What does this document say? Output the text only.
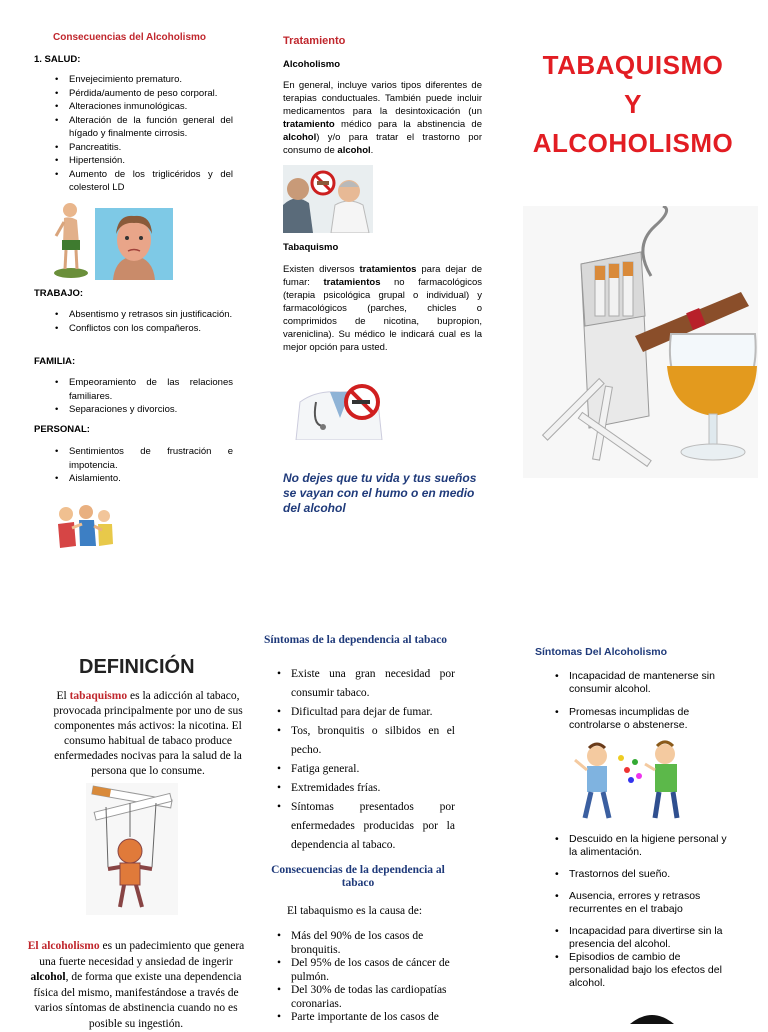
Consecuencias del Alcoholismo
1. SALUD:
• Envejecimiento prematuro.
• Pérdida/aumento de peso corporal.
• Alteraciones inmunológicas.
• Alteración de la función general del hígado y finalmente cirrosis.
• Pancreatitis.
• Hipertensión.
• Aumento de los triglicéridos y del colesterol LD
TRABAJO:
• Absentismo y retrasos sin justificación.
• Conflictos con los compañeros.
FAMILIA:
• Empeoramiento de las relaciones familiares.
• Separaciones y divorcios.
PERSONAL:
• Sentimientos de frustración e impotencia.
• Aislamiento.
Tratamiento
Alcoholismo
En general, incluye varios tipos diferentes de terapias conductuales. También puede incluir medicamentos para la desintoxicación (un tratamiento médico para la abstinencia de alcohol) y/o para tratar el trastorno por consumo de alcohol.
Tabaquismo
Existen diversos tratamientos para dejar de fumar: tratamientos no farmacológicos (terapia psicológica grupal o individual) y farmacológicos (parches, chicles o comprimidos de nicotina, bupropion, vareniclina). Su médico le indicará cual es la mejor opción para usted.
No dejes que tu vida y tus sueños se vayan con el humo o en medio del alcohol
TABAQUISMO
Y
ALCOHOLISMO
DEFINICIÓN
El tabaquismo es la adicción al tabaco, provocada principalmente por uno de sus componentes más activos: la nicotina. El consumo habitual de tabaco produce enfermedades nocivas para la salud de la persona que lo consume.
El alcoholismo es un padecimiento que genera una fuerte necesidad y ansiedad de ingerir alcohol, de forma que existe una dependencia física del mismo, manifestándose a través de varios síntomas de abstinencia cuando no es posible su ingestión.
Síntomas de la dependencia al tabaco
• Existe una gran necesidad por consumir tabaco.
• Dificultad para dejar de fumar.
• Tos, bronquitis o silbidos en el pecho.
• Fatiga general.
• Extremidades frías.
• Síntomas presentados por enfermedades producidas por la dependencia al tabaco.
Consecuencias de la dependencia al tabaco
El tabaquismo es la causa de:
• Más del 90% de los casos de bronquitis.
• Del 95% de los casos de cáncer de pulmón.
• Del 30% de todas las cardiopatías coronarias.
• Parte importante de los casos de
Síntomas Del Alcoholismo
• Incapacidad de mantenerse sin consumir alcohol.
• Promesas incumplidas de controlarse o abstenerse.
• Descuido en la higiene personal y la alimentación.
• Trastornos del sueño.
• Ausencia, errores y retrasos recurrentes en el trabajo
• Incapacidad para divertirse sin la presencia del alcohol.
• Episodios de cambio de personalidad bajo los efectos del alcohol.
